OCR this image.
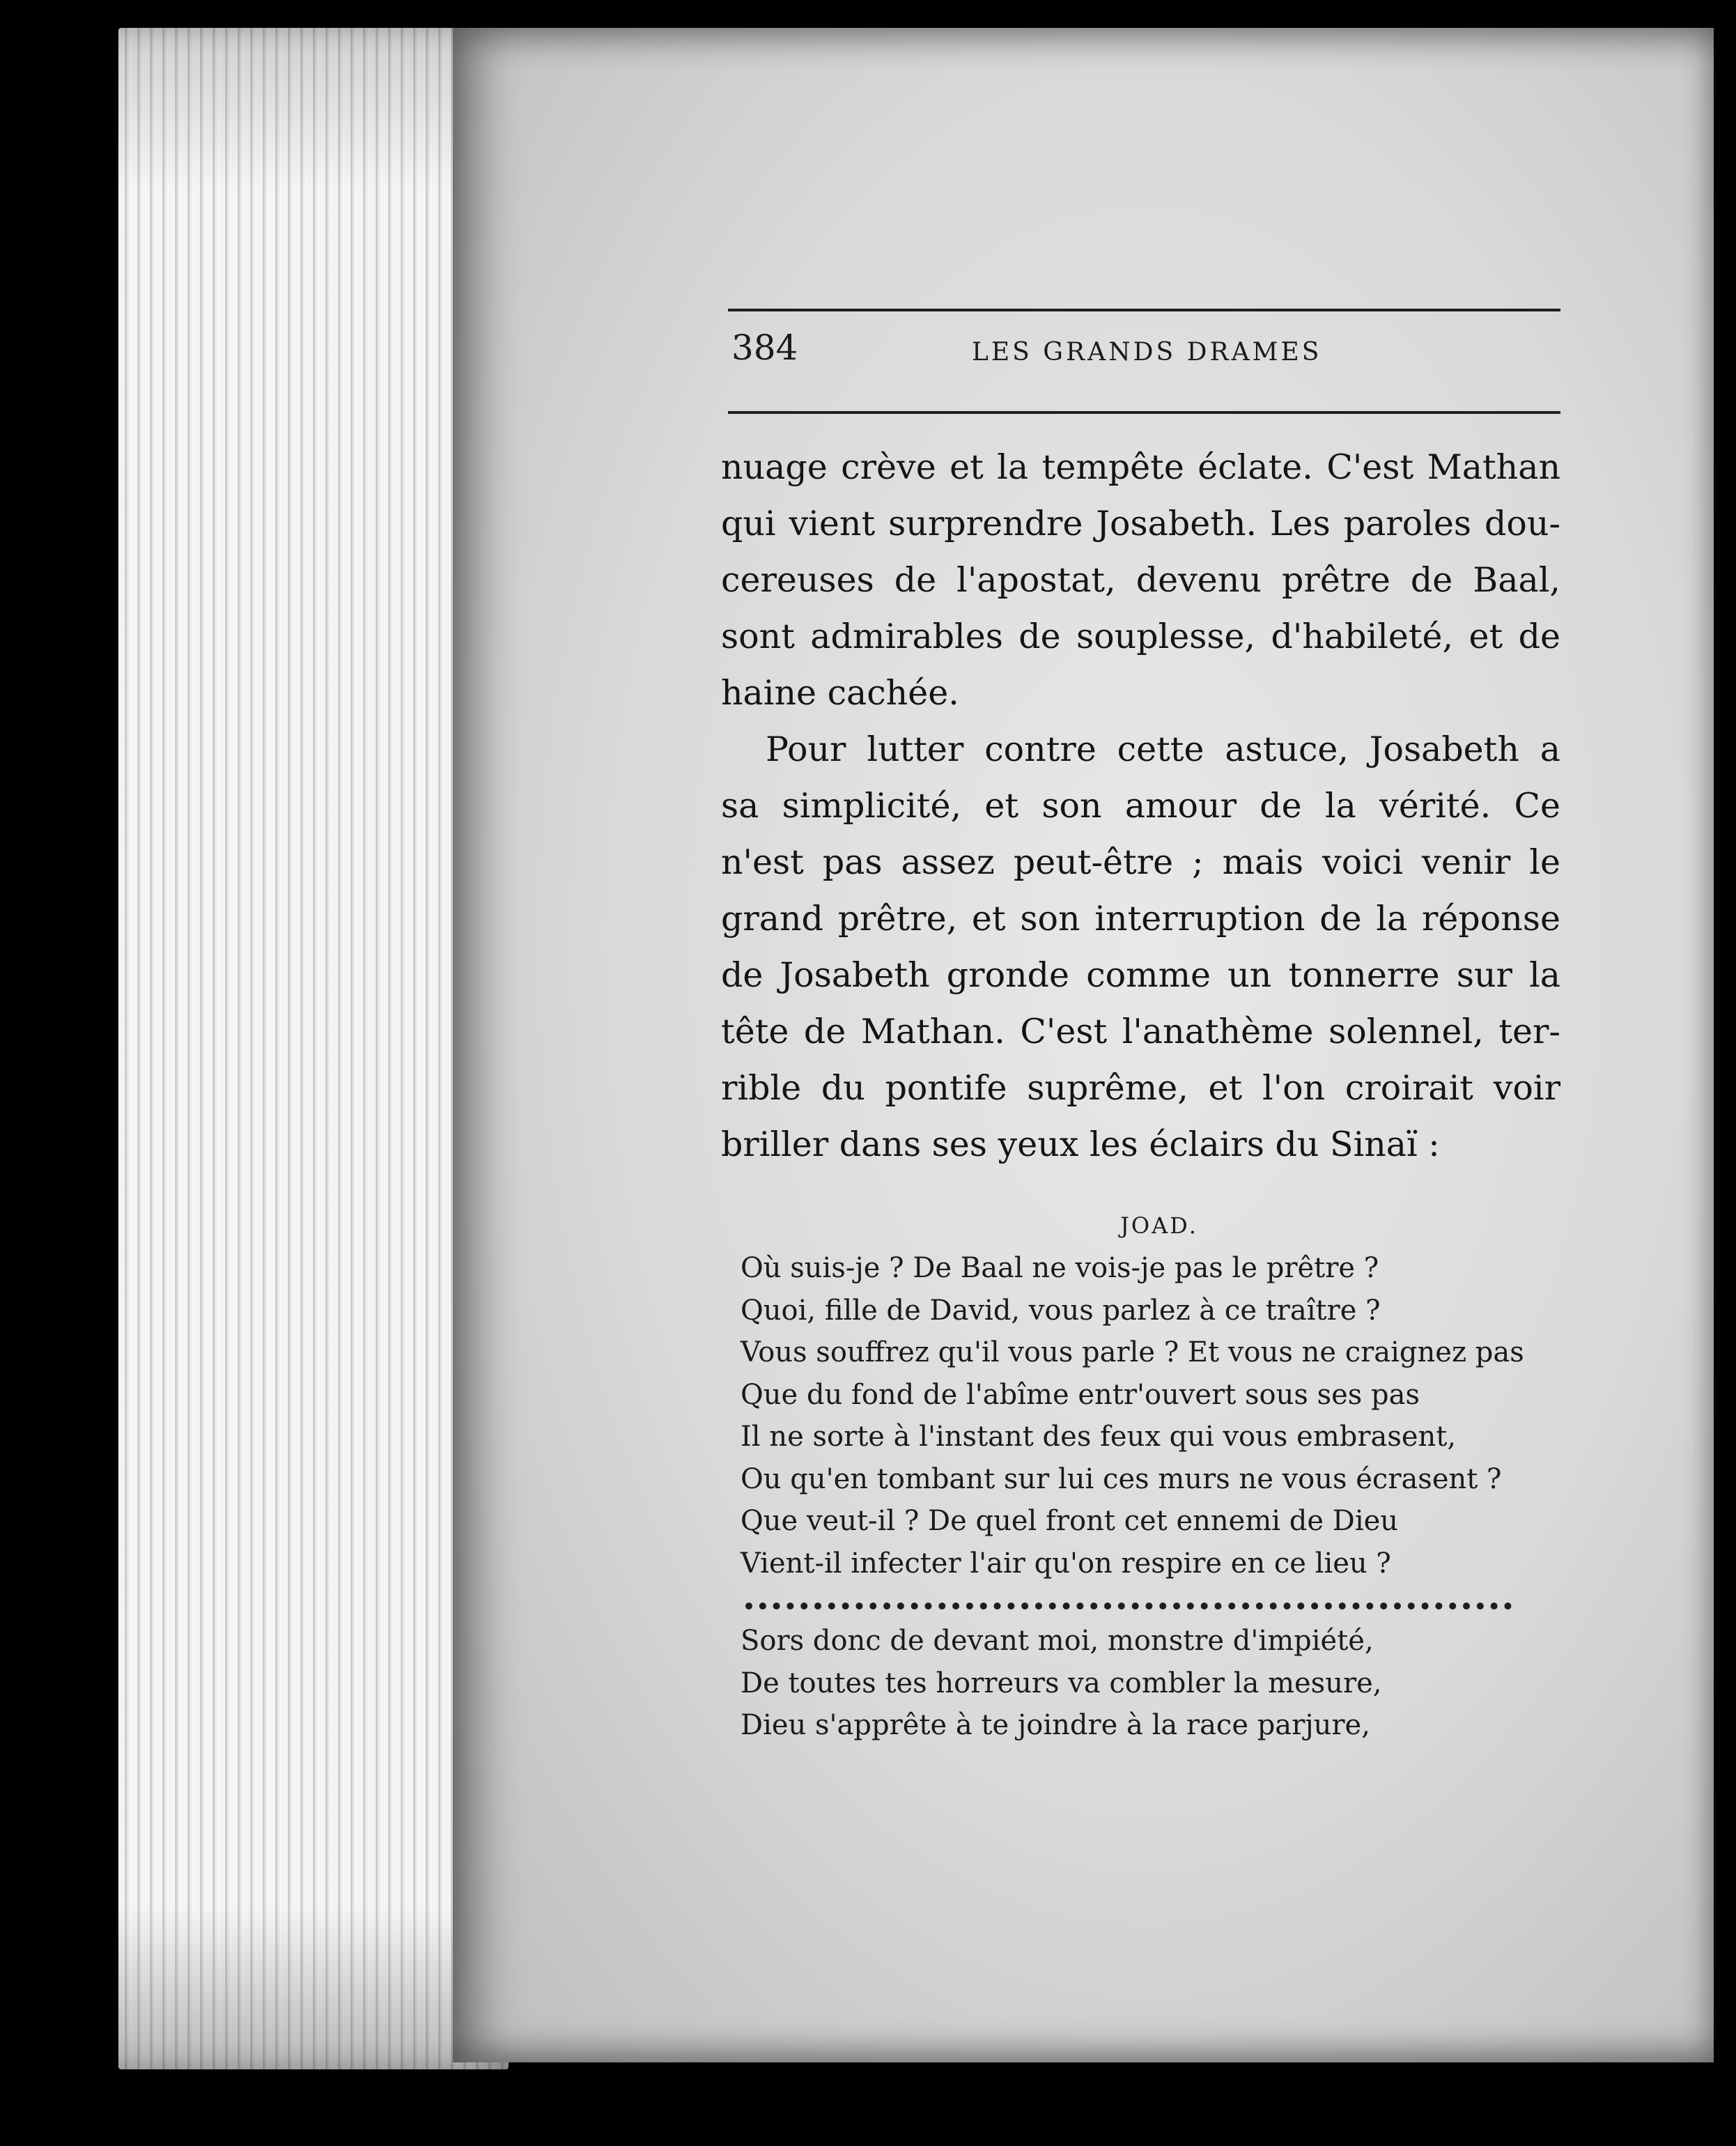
384	LES GRANDS DRAMES

nuage crève et la tempête éclate. C'est Mathan
qui vient surprendre Josabeth. Les paroles dou-
cereuses de l'apostat, devenu prêtre de Baal,
sont admirables de souplesse, d'habileté, et de
haine cachée.
Pour lutter contre cette astuce, Josabeth a
sa simplicité, et son amour de la vérité. Ce
n'est pas assez peut-être ; mais voici venir le
grand prêtre, et son interruption de la réponse
de Josabeth gronde comme un tonnerre sur la
tête de Mathan. C'est l'anathème solennel, ter-
rible du pontife suprême, et l'on croirait voir
briller dans ses yeux les éclairs du Sinaï :

JOAD.

Où suis-je ? De Baal ne vois-je pas le prêtre ?
Quoi, fille de David, vous parlez à ce traître ?
Vous souffrez qu'il vous parle ? Et vous ne craignez pas
Que du fond de l'abîme entr'ouvert sous ses pas
Il ne sorte à l'instant des feux qui vous embrasent,
Ou qu'en tombant sur lui ces murs ne vous écrasent ?
Que veut-il ? De quel front cet ennemi de Dieu
Vient-il infecter l'air qu'on respire en ce lieu ?
Sors donc de devant moi, monstre d'impiété,
De toutes tes horreurs va combler la mesure,
Dieu s'apprête à te joindre à la race parjure,
